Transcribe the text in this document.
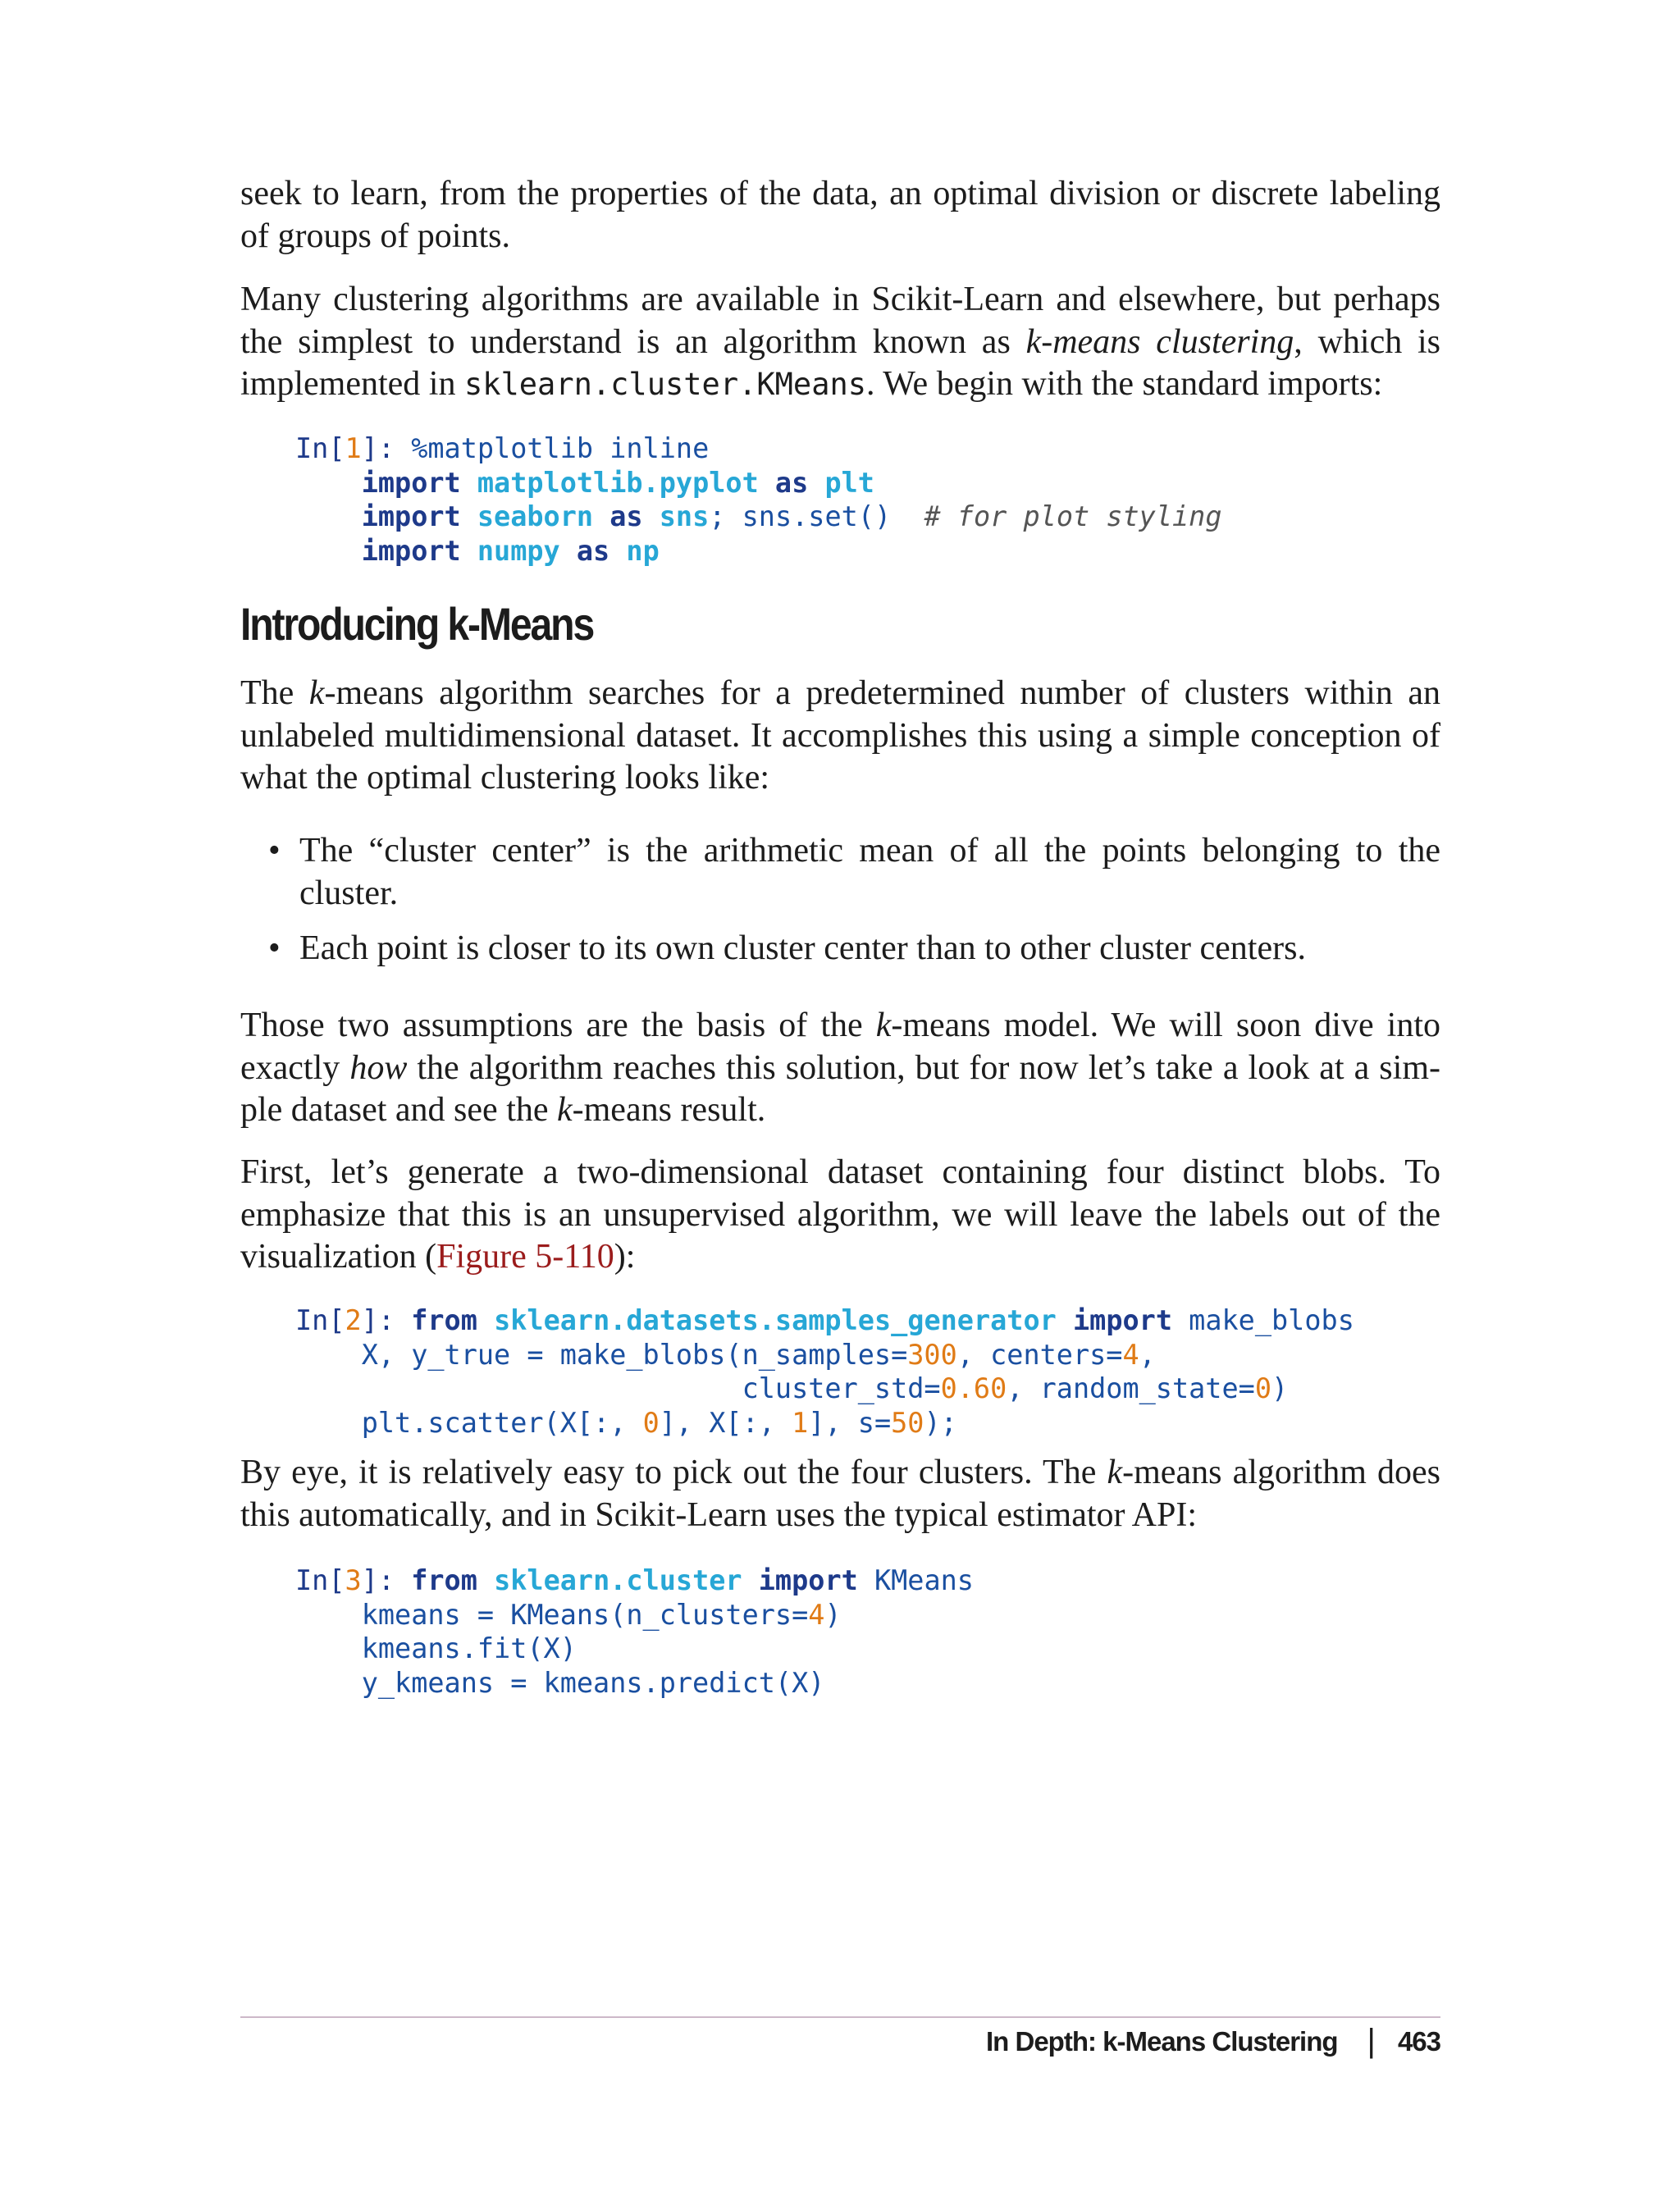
seek to learn, from the properties of the data, an optimal division or discrete labeling of groups of points.

Many clustering algorithms are available in Scikit-Learn and elsewhere, but perhaps the simplest to understand is an algorithm known as k-means clustering, which is implemented in sklearn.cluster.KMeans. We begin with the standard imports:

In[1]: %matplotlib inline
import matplotlib.pyplot as plt
import seaborn as sns; sns.set()  # for plot styling
import numpy as np
Introducing k-Means

The k-means algorithm searches for a predetermined number of clusters within an unlabeled multidimensional dataset. It accomplishes this using a simple conception of what the optimal clustering looks like:

• The “cluster center” is the arithmetic mean of all the points belonging to the cluster.
• Each point is closer to its own cluster center than to other cluster centers.

Those two assumptions are the basis of the k-means model. We will soon dive into exactly how the algorithm reaches this solution, but for now let’s take a look at a simple dataset and see the k-means result.

First, let’s generate a two-dimensional dataset containing four distinct blobs. To emphasize that this is an unsupervised algorithm, we will leave the labels out of the visualization (Figure 5-110):

In[2]: from sklearn.datasets.samples_generator import make_blobs
X, y_true = make_blobs(n_samples=300, centers=4,
cluster_std=0.60, random_state=0)
plt.scatter(X[:, 0], X[:, 1], s=50);

By eye, it is relatively easy to pick out the four clusters. The k-means algorithm does this automatically, and in Scikit-Learn uses the typical estimator API:

In[3]: from sklearn.cluster import KMeans
kmeans = KMeans(n_clusters=4)
kmeans.fit(X)
y_kmeans = kmeans.predict(X)
In Depth: k-Means Clustering | 463
